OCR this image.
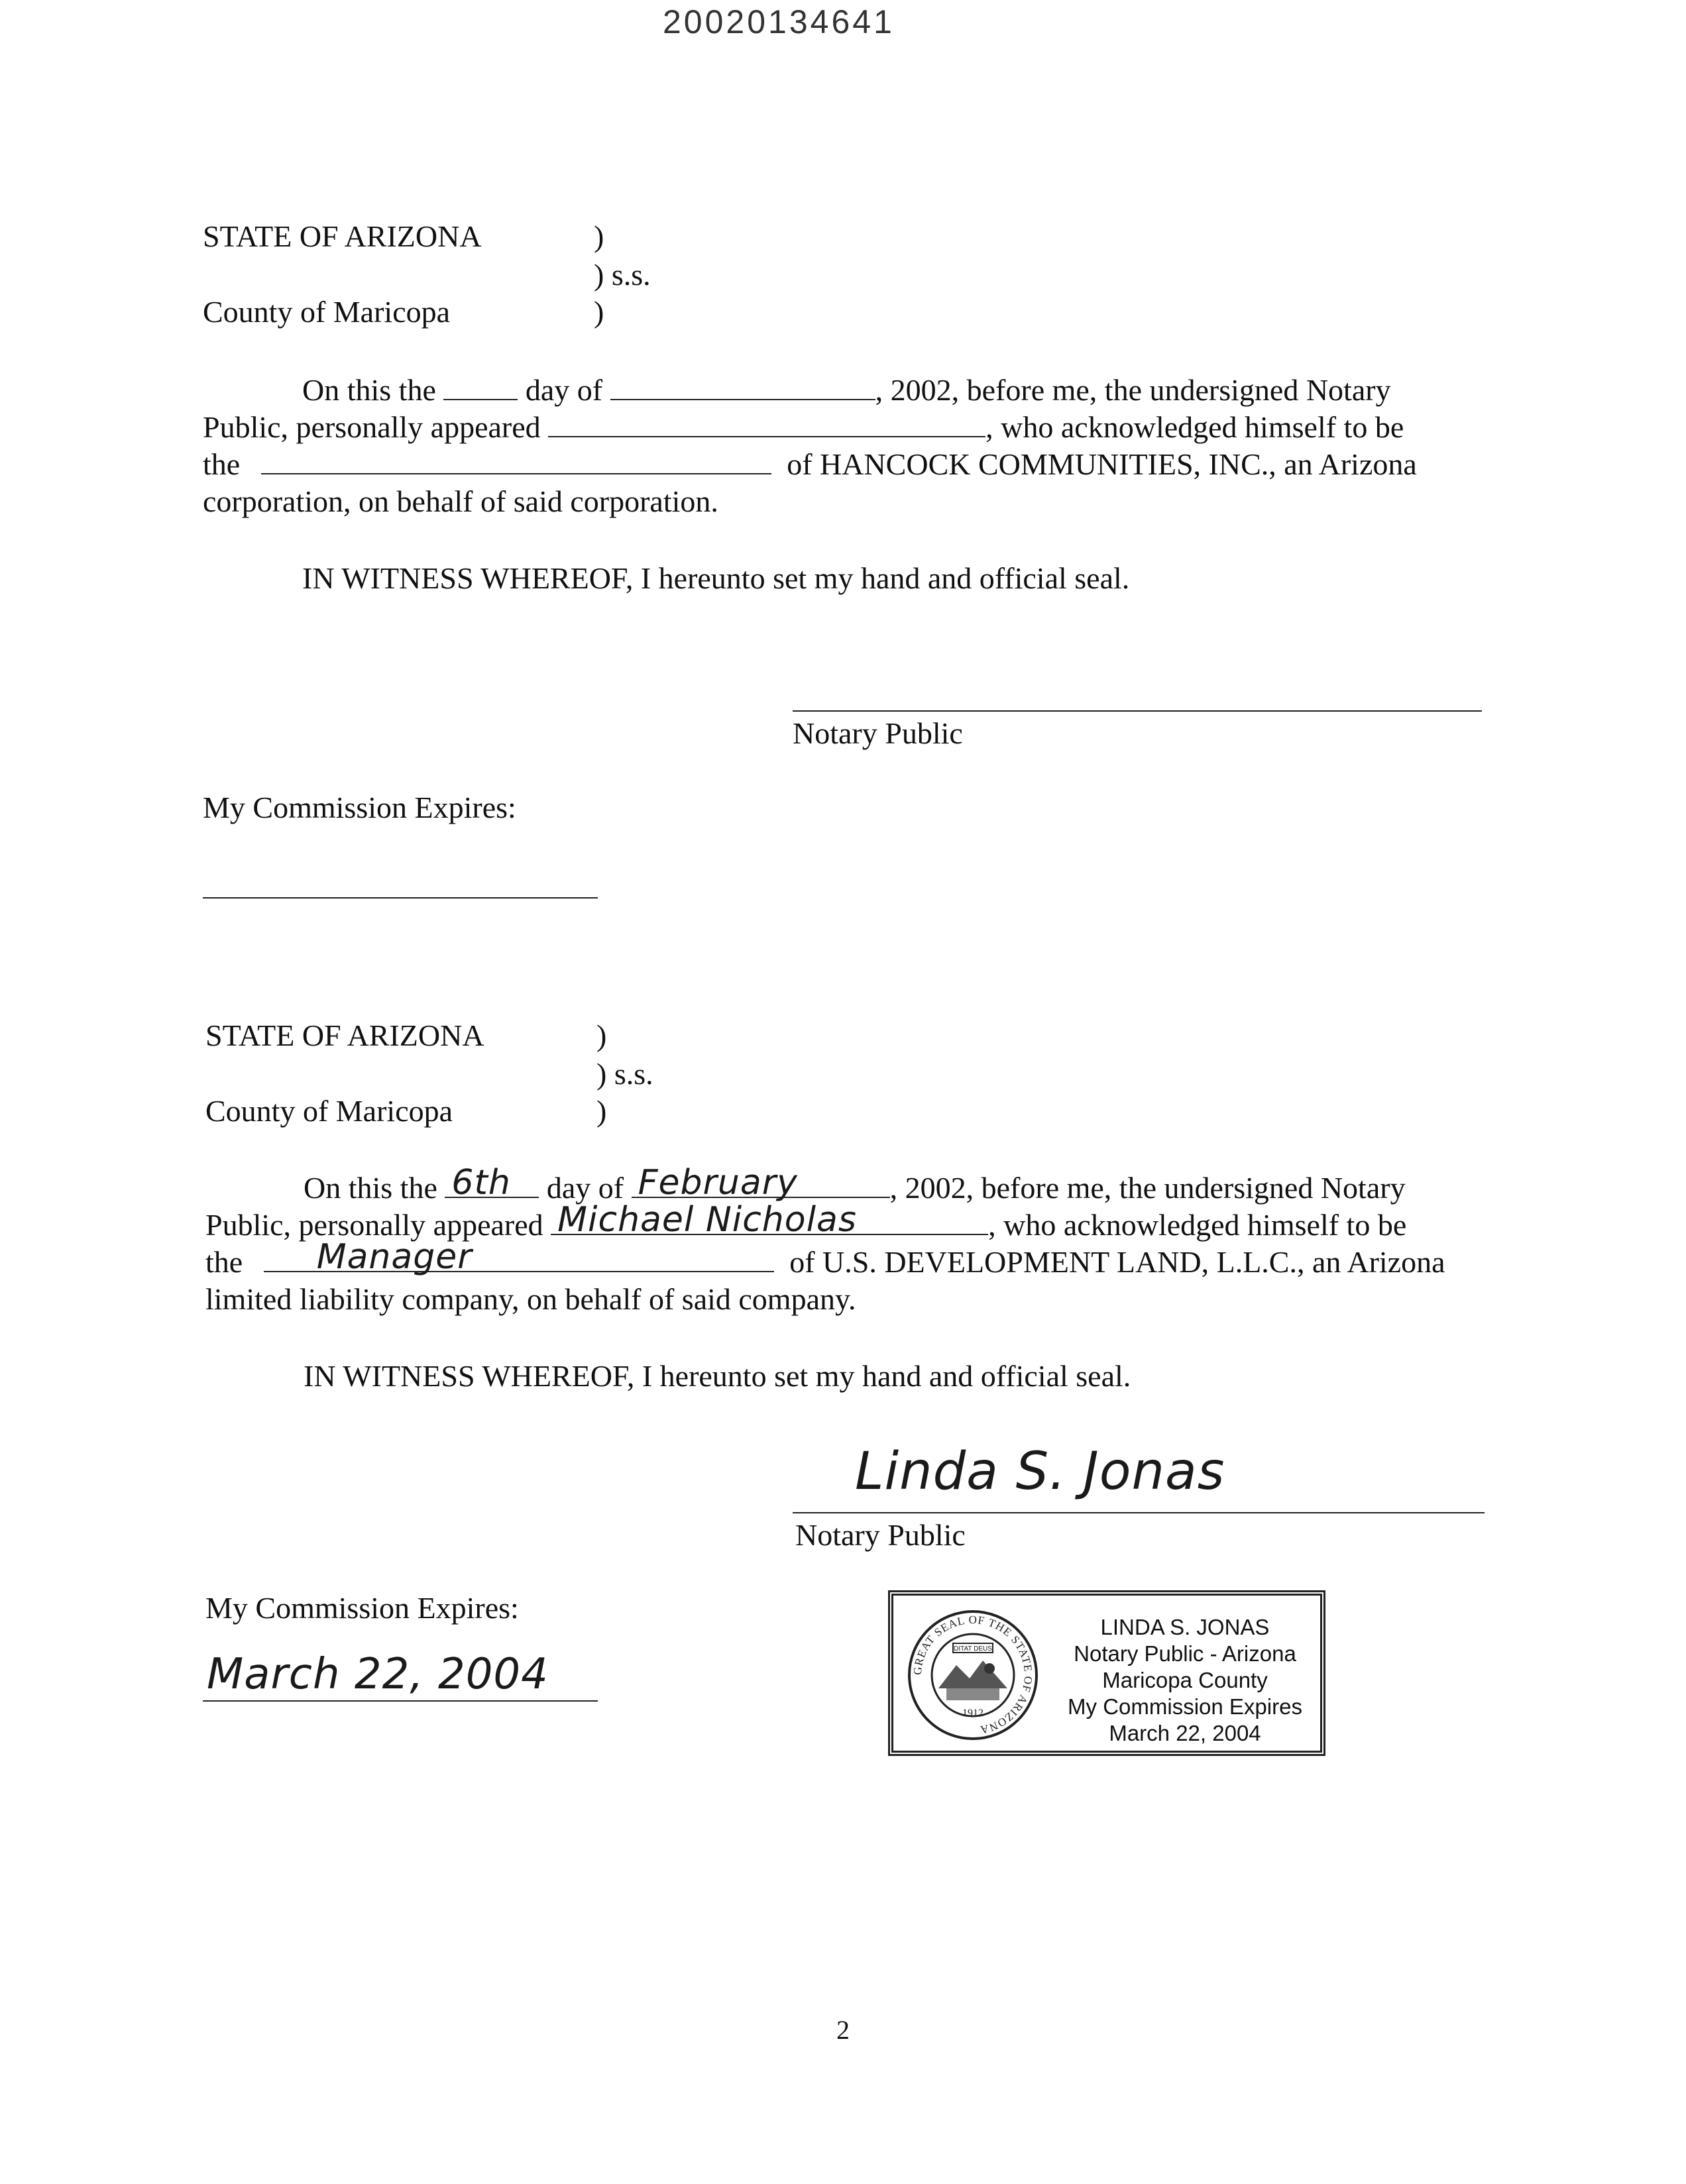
20020134641
STATE OF ARIZONA	)
) s.s.
County of Maricopa	)
On this the	day of	, 2002, before me, the undersigned Notary
Public, personally appeared	, who acknowledged himself to be
the	of HANCOCK COMMUNITIES, INC., an Arizona
corporation, on behalf of said corporation.
IN WITNESS WHEREOF, I hereunto set my hand and official seal.
Notary Public
My Commission Expires:
STATE OF ARIZONA	)
) s.s.
County of Maricopa	)
On this the 6th day of February	, 2002, before me, the undersigned Notary
Public, personally appeared Michael Nicholas	, who acknowledged himself to be
the Manager	of U.S. DEVELOPMENT LAND, L.L.C., an Arizona
limited liability company, on behalf of said company.
IN WITNESS WHEREOF, I hereunto set my hand and official seal.
Linda S. Jonas
Notary Public
My Commission Expires:
March 22, 2004	GREAT SEAL OF THE STATE OF ARIZONA
DITAT DEUS
1912
LINDA S. JONAS
Notary Public - Arizona
Maricopa County
My Commission Expires
March 22, 2004
2
